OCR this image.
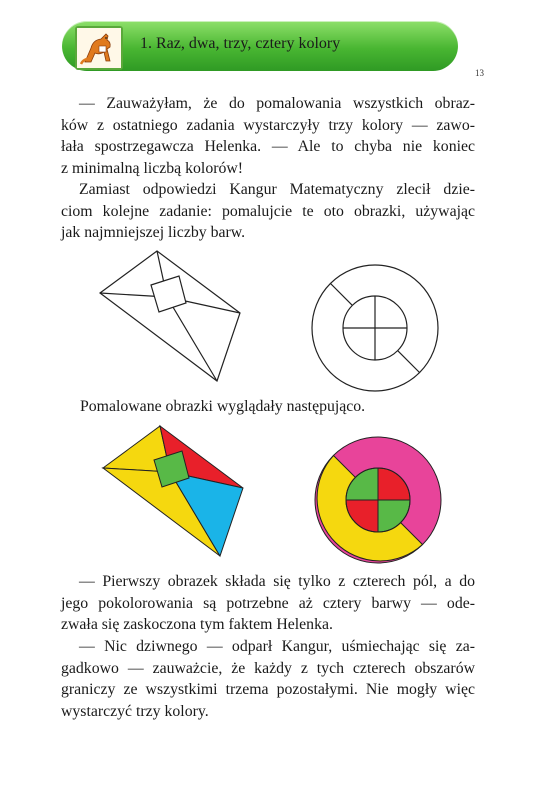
1. Raz, dwa, trzy, cztery kolory
13
— Zauważyłam, że do pomalowania wszystkich obraz-
ków z ostatniego zadania wystarczyły trzy kolory — zawo-
łała spostrzegawcza Helenka. — Ale to chyba nie koniec
z minimalną liczbą kolorów!
Zamiast odpowiedzi Kangur Matematyczny zlecił dzie-
ciom kolejne zadanie: pomalujcie te oto obrazki, używając
jak najmniejszej liczby barw.
Pomalowane obrazki wyglądały następująco.
— Pierwszy obrazek składa się tylko z czterech pól, a do
jego pokolorowania są potrzebne aż cztery barwy — ode-
zwała się zaskoczona tym faktem Helenka.
— Nic dziwnego — odparł Kangur, uśmiechając się za-
gadkowo — zauważcie, że każdy z tych czterech obszarów
graniczy ze wszystkimi trzema pozostałymi. Nie mogły więc
wystarczyć trzy kolory.
